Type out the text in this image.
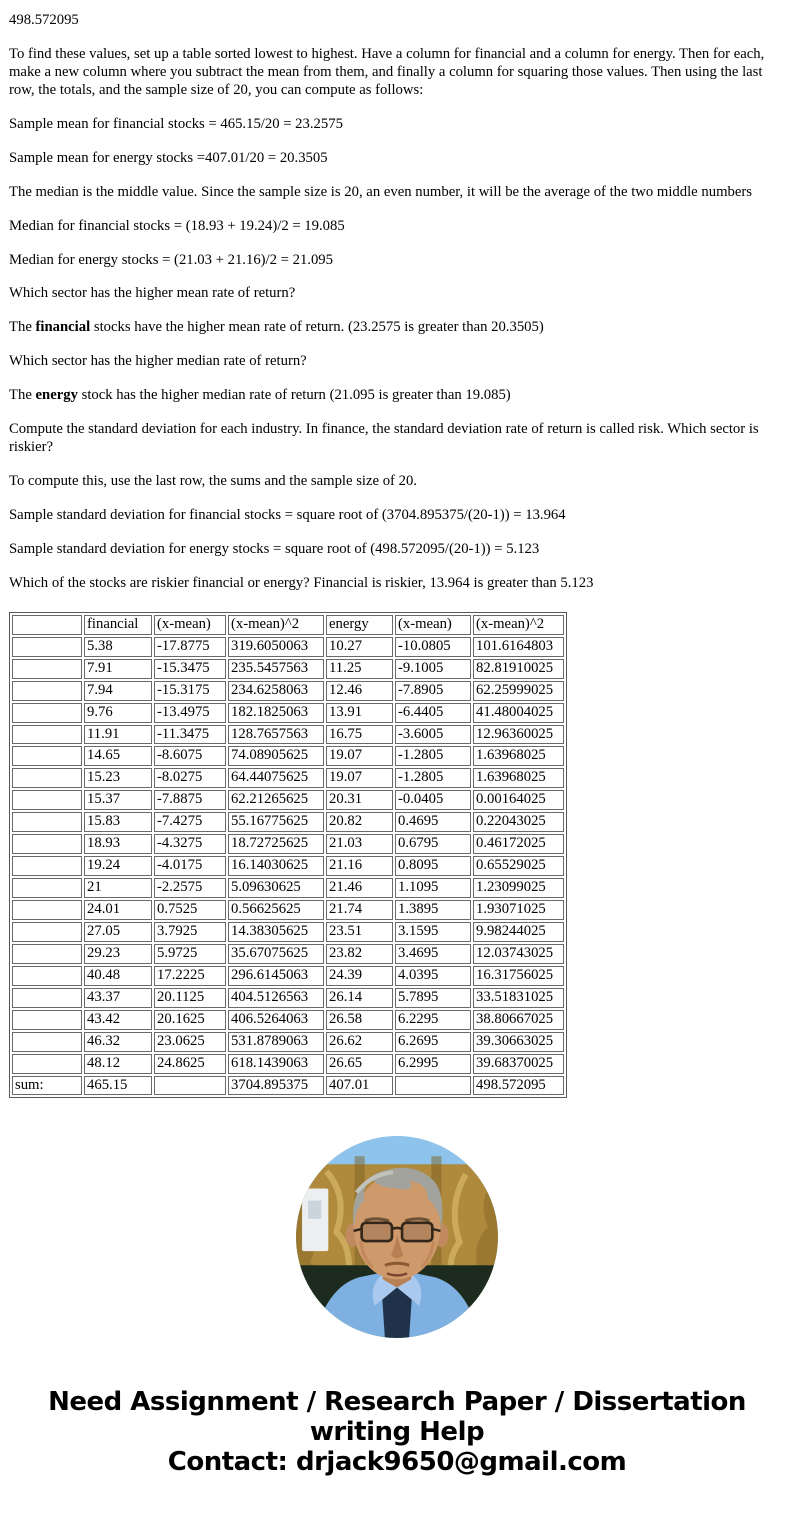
498.572095

To find these values, set up a table sorted lowest to highest. Have a column for financial and a column for energy. Then for each, make a new column where you subtract the mean from them, and finally a column for squaring those values. Then using the last row, the totals, and the sample size of 20, you can compute as follows:

Sample mean for financial stocks = 465.15/20 = 23.2575

Sample mean for energy stocks =407.01/20 = 20.3505

The median is the middle value. Since the sample size is 20, an even number, it will be the average of the two middle numbers

Median for financial stocks = (18.93 + 19.24)/2 = 19.085

Median for energy stocks = (21.03 + 21.16)/2 = 21.095

Which sector has the higher mean rate of return?

The financial stocks have the higher mean rate of return. (23.2575 is greater than 20.3505)

Which sector has the higher median rate of return?

The energy stock has the higher median rate of return (21.095 is greater than 19.085)

Compute the standard deviation for each industry. In finance, the standard deviation rate of return is called risk. Which sector is riskier?

To compute this, use the last row, the sums and the sample size of 20.

Sample standard deviation for financial stocks = square root of (3704.895375/(20-1)) = 13.964

Sample standard deviation for energy stocks = square root of (498.572095/(20-1)) = 5.123

Which of the stocks are riskier financial or energy? Financial is riskier, 13.964 is greater than 5.123

	financial	(x-mean)	(x-mean)^2	energy	(x-mean)	(x-mean)^2
	5.38	-17.8775	319.6050063	10.27	-10.0805	101.6164803
	7.91	-15.3475	235.5457563	11.25	-9.1005	82.81910025
	7.94	-15.3175	234.6258063	12.46	-7.8905	62.25999025
	9.76	-13.4975	182.1825063	13.91	-6.4405	41.48004025
	11.91	-11.3475	128.7657563	16.75	-3.6005	12.96360025
	14.65	-8.6075	74.08905625	19.07	-1.2805	1.63968025
	15.23	-8.0275	64.44075625	19.07	-1.2805	1.63968025
	15.37	-7.8875	62.21265625	20.31	-0.0405	0.00164025
	15.83	-7.4275	55.16775625	20.82	0.4695	0.22043025
	18.93	-4.3275	18.72725625	21.03	0.6795	0.46172025
	19.24	-4.0175	16.14030625	21.16	0.8095	0.65529025
	21	-2.2575	5.09630625	21.46	1.1095	1.23099025
	24.01	0.7525	0.56625625	21.74	1.3895	1.93071025
	27.05	3.7925	14.38305625	23.51	3.1595	9.98244025
	29.23	5.9725	35.67075625	23.82	3.4695	12.03743025
	40.48	17.2225	296.6145063	24.39	4.0395	16.31756025
	43.37	20.1125	404.5126563	26.14	5.7895	33.51831025
	43.42	20.1625	406.5264063	26.58	6.2295	38.80667025
	46.32	23.0625	531.8789063	26.62	6.2695	39.30663025
	48.12	24.8625	618.1439063	26.65	6.2995	39.68370025
sum:	465.15		3704.895375	407.01		498.572095
Need Assignment / Research Paper / Dissertation
writing Help
Contact: drjack9650@gmail.com
